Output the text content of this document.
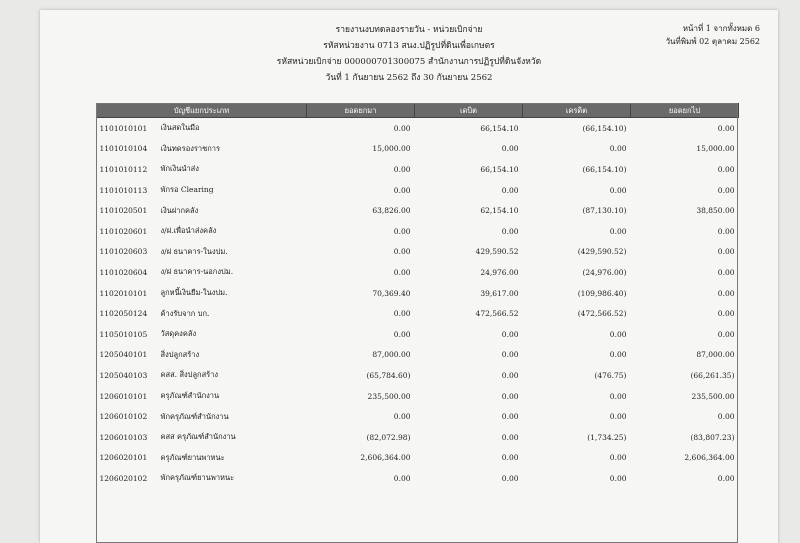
รายงานงบทดลองรายวัน - หน่วยเบิกจ่าย
รหัสหน่วยงาน 0713 สนง.ปฏิรูปที่ดินเพื่อเกษตร
รหัสหน่วยเบิกจ่าย 000000701300075 สำนักงานการปฏิรูปที่ดินจังหวัด
วันที่ 1 กันยายน 2562 ถึง 30 กันยายน 2562
หน้าที่ 1 จากทั้งหมด 6
วันที่พิมพ์ 02 ตุลาคม 2562
บัญชีแยกประเภท		ยอดยกมา	เดบิต	เครดิต	ยอดยกไป
1101010101	เงินสดในมือ	0.00	66,154.10	(66,154.10)	0.00
1101010104	เงินทดรองราชการ	15,000.00	0.00	0.00	15,000.00
1101010112	พักเงินนำส่ง	0.00	66,154.10	(66,154.10)	0.00
1101010113	พักรอ Clearing	0.00	0.00	0.00	0.00
1101020501	เงินฝากคลัง	63,826.00	62,154.10	(87,130.10)	38,850.00
1101020601	ง/ฝ.เพื่อนำส่งคลัง	0.00	0.00	0.00	0.00
1101020603	ง/ฝ ธนาคาร-ในงปม.	0.00	429,590.52	(429,590.52)	0.00
1101020604	ง/ฝ ธนาคาร-นอกงปม.	0.00	24,976.00	(24,976.00)	0.00
1102010101	ลูกหนี้เงินยืม-ในงปม.	70,369.40	39,617.00	(109,986.40)	0.00
1102050124	ค้างรับจาก บก.	0.00	472,566.52	(472,566.52)	0.00
1105010105	วัสดุคงคลัง	0.00	0.00	0.00	0.00
1205040101	สิ่งปลูกสร้าง	87,000.00	0.00	0.00	87,000.00
1205040103	คสส. สิ่งปลูกสร้าง	(65,784.60)	0.00	(476.75)	(66,261.35)
1206010101	ครุภัณฑ์สำนักงาน	235,500.00	0.00	0.00	235,500.00
1206010102	พักครุภัณฑ์สำนักงาน	0.00	0.00	0.00	0.00
1206010103	คสส ครุภัณฑ์สำนักงาน	(82,072.98)	0.00	(1,734.25)	(83,807.23)
1206020101	ครุภัณฑ์ยานพาหนะ	2,606,364.00	0.00	0.00	2,606,364.00
1206020102	พักครุภัณฑ์ยานพาหนะ	0.00	0.00	0.00	0.00
